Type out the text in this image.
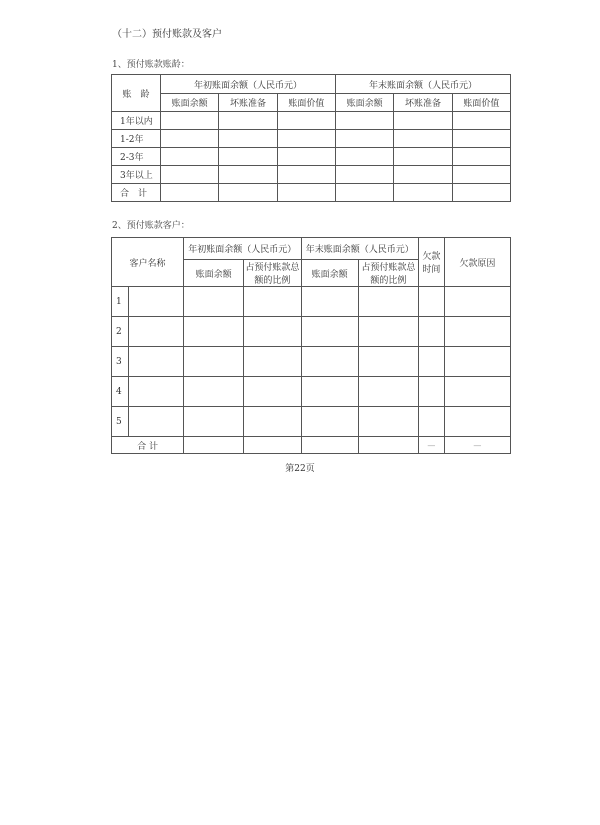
（十二）预付账款及客户
1、预付账款账龄：
账　龄	年初账面余额（人民币元）			年末账面余额（人民币元）		
	账面余额	坏账准备	账面价值	账面余额	坏账准备	账面价值
1年以内						
1-2年						
2-3年						
3年以上						
合　计						
2、预付账款客户：
客户名称		年初账面余额（人民币元）		年末账面余额（人民币元）		欠款时间	欠款原因
		账面余额	占预付账款总额的比例	账面余额	占预付账款总额的比例		
1							
2							
3							
4							
5							
合 计						—	—
第22页
